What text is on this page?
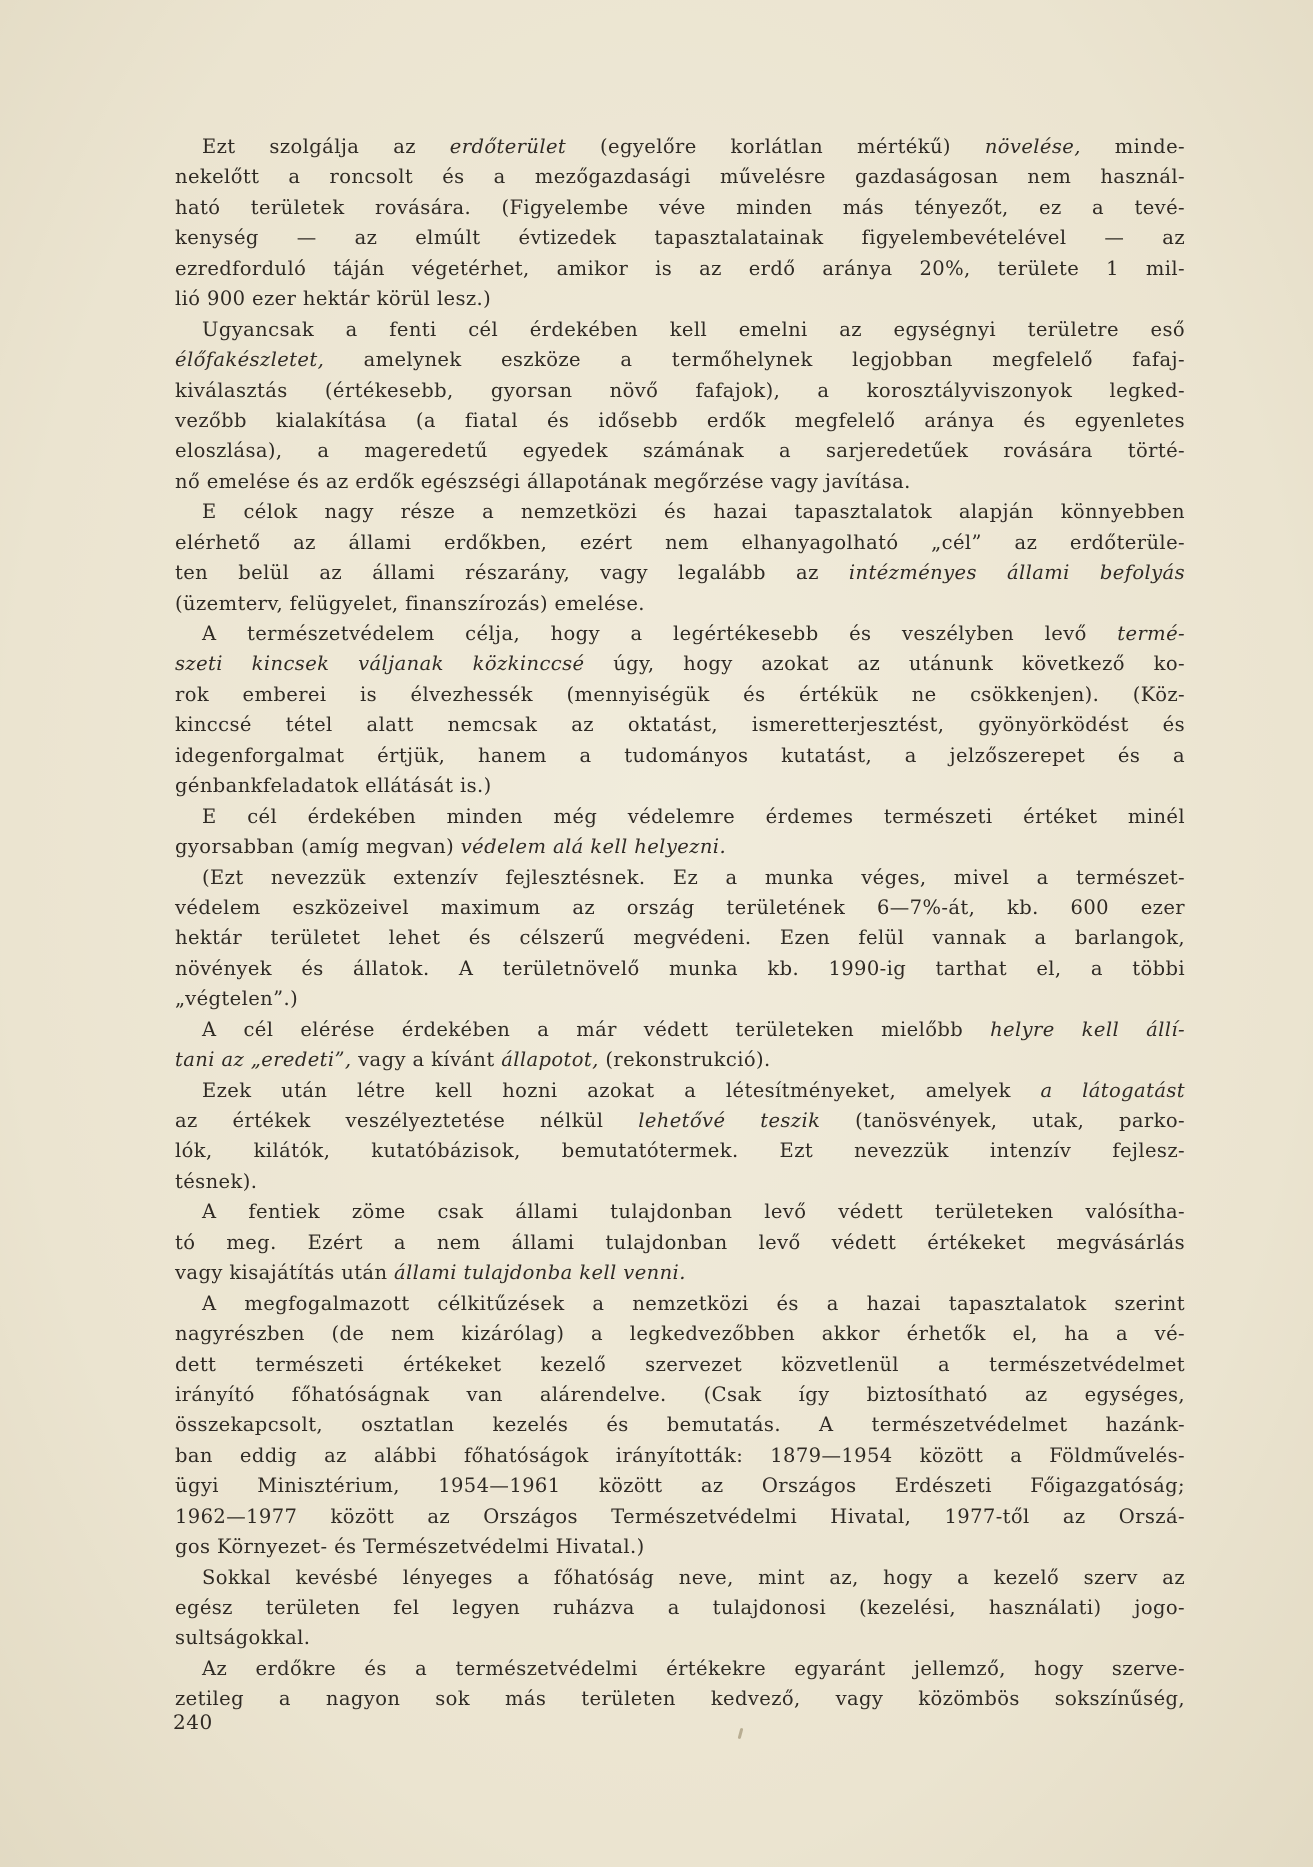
Ezt szolgálja az erdőterület (egyelőre korlátlan mértékű) növelése, minde-
nekelőtt a roncsolt és a mezőgazdasági művelésre gazdaságosan nem használ-
ható területek rovására. (Figyelembe véve minden más tényezőt, ez a tevé-
kenység — az elmúlt évtizedek tapasztalatainak figyelembevételével — az
ezredforduló táján végetérhet, amikor is az erdő aránya 20%, területe 1 mil-
lió 900 ezer hektár körül lesz.)
Ugyancsak a fenti cél érdekében kell emelni az egységnyi területre eső
élőfakészletet, amelynek eszköze a termőhelynek legjobban megfelelő fafaj-
kiválasztás (értékesebb, gyorsan növő fafajok), a korosztályviszonyok legked-
vezőbb kialakítása (a fiatal és idősebb erdők megfelelő aránya és egyenletes
eloszlása), a mageredetű egyedek számának a sarjeredetűek rovására törté-
nő emelése és az erdők egészségi állapotának megőrzése vagy javítása.
E célok nagy része a nemzetközi és hazai tapasztalatok alapján könnyebben
elérhető az állami erdőkben, ezért nem elhanyagolható „cél” az erdőterüle-
ten belül az állami részarány, vagy legalább az intézményes állami befolyás
(üzemterv, felügyelet, finanszírozás) emelése.
A természetvédelem célja, hogy a legértékesebb és veszélyben levő termé-
szeti kincsek váljanak közkinccsé úgy, hogy azokat az utánunk következő ko-
rok emberei is élvezhessék (mennyiségük és értékük ne csökkenjen). (Köz-
kinccsé tétel alatt nemcsak az oktatást, ismeretterjesztést, gyönyörködést és
idegenforgalmat értjük, hanem a tudományos kutatást, a jelzőszerepet és a
génbankfeladatok ellátását is.)
E cél érdekében minden még védelemre érdemes természeti értéket minél
gyorsabban (amíg megvan) védelem alá kell helyezni.
(Ezt nevezzük extenzív fejlesztésnek. Ez a munka véges, mivel a természet-
védelem eszközeivel maximum az ország területének 6—7%-át, kb. 600 ezer
hektár területet lehet és célszerű megvédeni. Ezen felül vannak a barlangok,
növények és állatok. A területnövelő munka kb. 1990-ig tarthat el, a többi
„végtelen”.)
A cél elérése érdekében a már védett területeken mielőbb helyre kell állí-
tani az „eredeti”, vagy a kívánt állapotot, (rekonstrukció).
Ezek után létre kell hozni azokat a létesítményeket, amelyek a látogatást
az értékek veszélyeztetése nélkül lehetővé teszik (tanösvények, utak, parko-
lók, kilátók, kutatóbázisok, bemutatótermek. Ezt nevezzük intenzív fejlesz-
tésnek).
A fentiek zöme csak állami tulajdonban levő védett területeken valósítha-
tó meg. Ezért a nem állami tulajdonban levő védett értékeket megvásárlás
vagy kisajátítás után állami tulajdonba kell venni.
A megfogalmazott célkitűzések a nemzetközi és a hazai tapasztalatok szerint
nagyrészben (de nem kizárólag) a legkedvezőbben akkor érhetők el, ha a vé-
dett természeti értékeket kezelő szervezet közvetlenül a természetvédelmet
irányító főhatóságnak van alárendelve. (Csak így biztosítható az egységes,
összekapcsolt, osztatlan kezelés és bemutatás. A természetvédelmet hazánk-
ban eddig az alábbi főhatóságok irányították: 1879—1954 között a Földművelés-
ügyi Minisztérium, 1954—1961 között az Országos Erdészeti Főigazgatóság;
1962—1977 között az Országos Természetvédelmi Hivatal, 1977-től az Orszá-
gos Környezet- és Természetvédelmi Hivatal.)
Sokkal kevésbé lényeges a főhatóság neve, mint az, hogy a kezelő szerv az
egész területen fel legyen ruházva a tulajdonosi (kezelési, használati) jogo-
sultságokkal.
Az erdőkre és a természetvédelmi értékekre egyaránt jellemző, hogy szerve-
zetileg a nagyon sok más területen kedvező, vagy közömbös sokszínűség,
240
